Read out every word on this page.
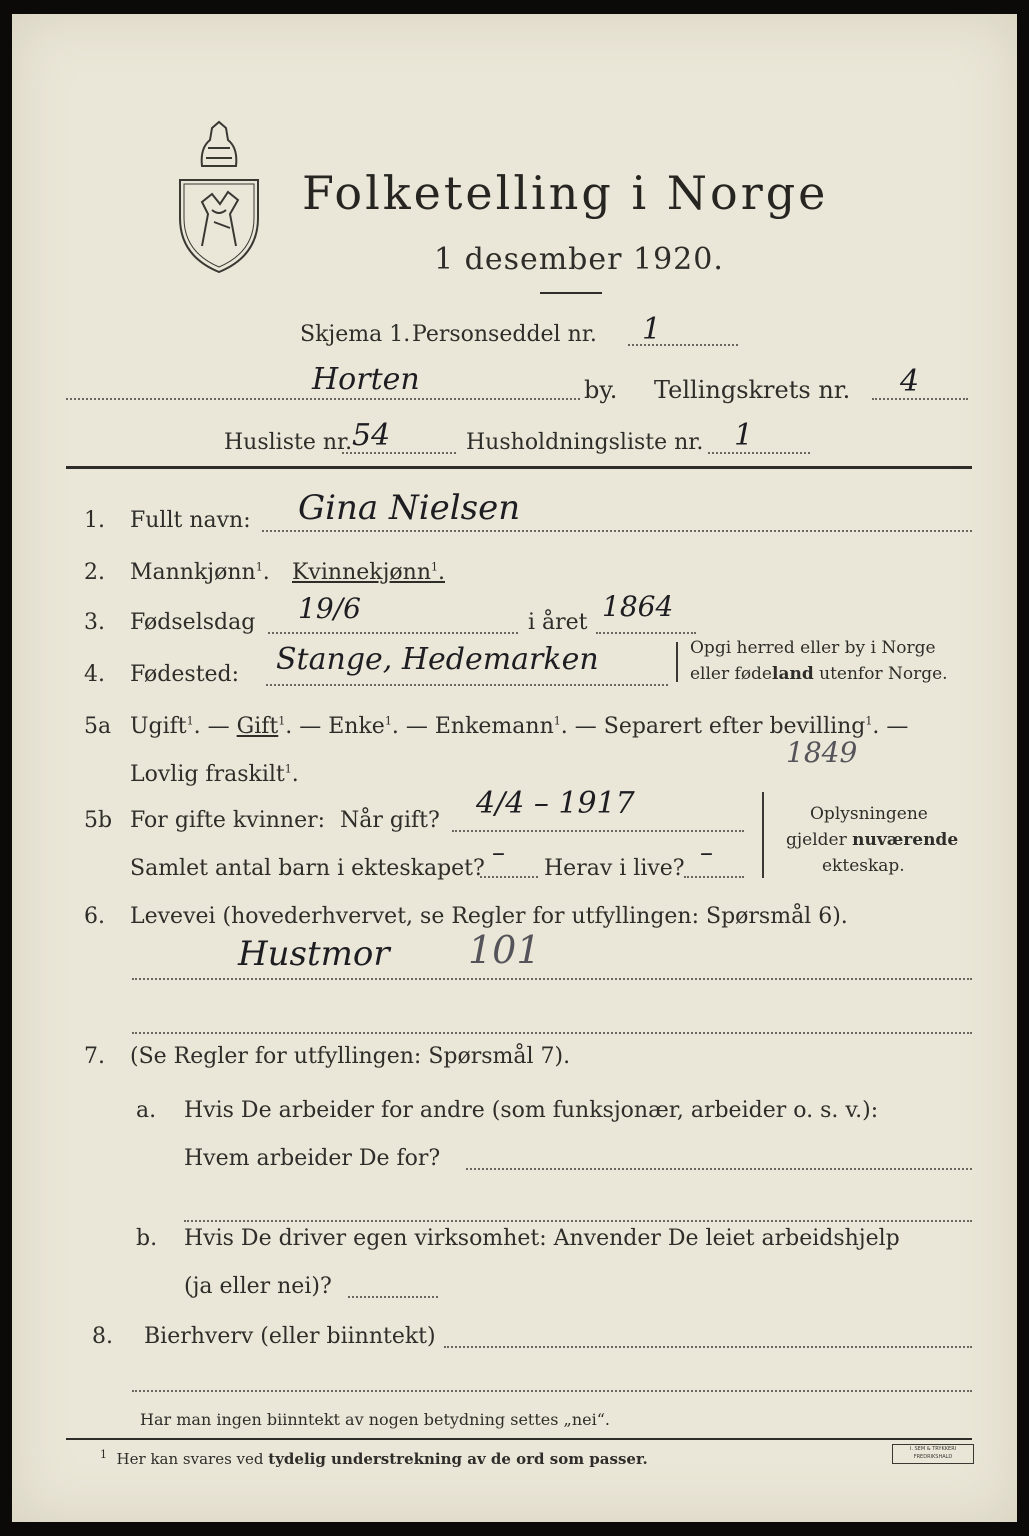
Folketelling i Norge
1 desember 1920.
Skjema 1. Personseddel nr. 1
Horten	by. Tellingskrets nr. 4
Husliste nr. 54	Husholdningsliste nr. 1
1. Fullt navn: Gina Nielsen
2. Mannkjønn$^1$. Kvinnekjønn$^1$.
3. Fødselsdag 19/6	i året 1864
4. Fødested: Stange, Hedemarken	Opgi herred eller by i Norge
eller fødeland utenfor Norge.
5a Ugift$^1$. — Gift$^1$. — Enke$^1$. — Enkemann$^1$. — Separert efter bevilling$^1$. —
Lovlig fraskilt$^1$.
1849
5b For gifte kvinner: Når gift? 4/4 – 1917
Samlet antal barn i ekteskapet?
–
Herav i live?
–
Oplysningene
gjelder nuværende
ekteskap.
6. Levevei (hovederhvervet, se Regler for utfyllingen: Spørsmål 6).
Hustmor 101
7. (Se Regler for utfyllingen: Spørsmål 7).
a. Hvis De arbeider for andre (som funksjonær, arbeider o. s. v.):
Hvem arbeider De for?
b. Hvis De driver egen virksomhet: Anvender De leiet arbeidshjelp
(ja eller nei)?
8. Bierhverv (eller biinntekt)
Har man ingen biinntekt av nogen betydning settes „nei“.
$^1$ Her kan svares ved tydelig understrekning av de ord som passer.
I. SEM & TRYKKERI FREDRIKSHALD
